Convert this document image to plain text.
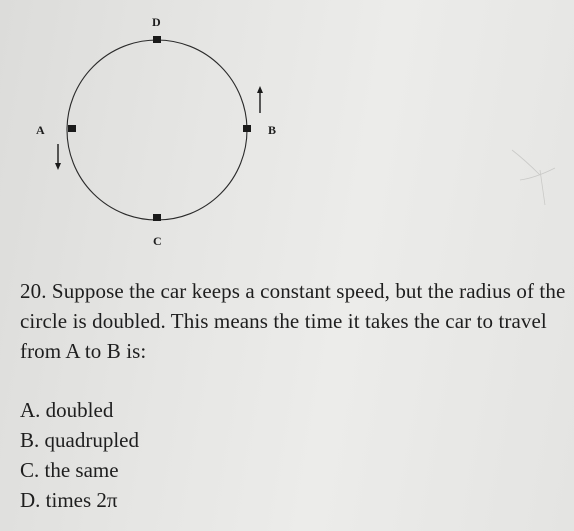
D
A	B
C

20. Suppose the car keeps a constant speed, but the radius of the circle is doubled. This means the time it takes the car to travel from A to B is:

A. doubled
B. quadrupled
C. the same
D. times 2π
